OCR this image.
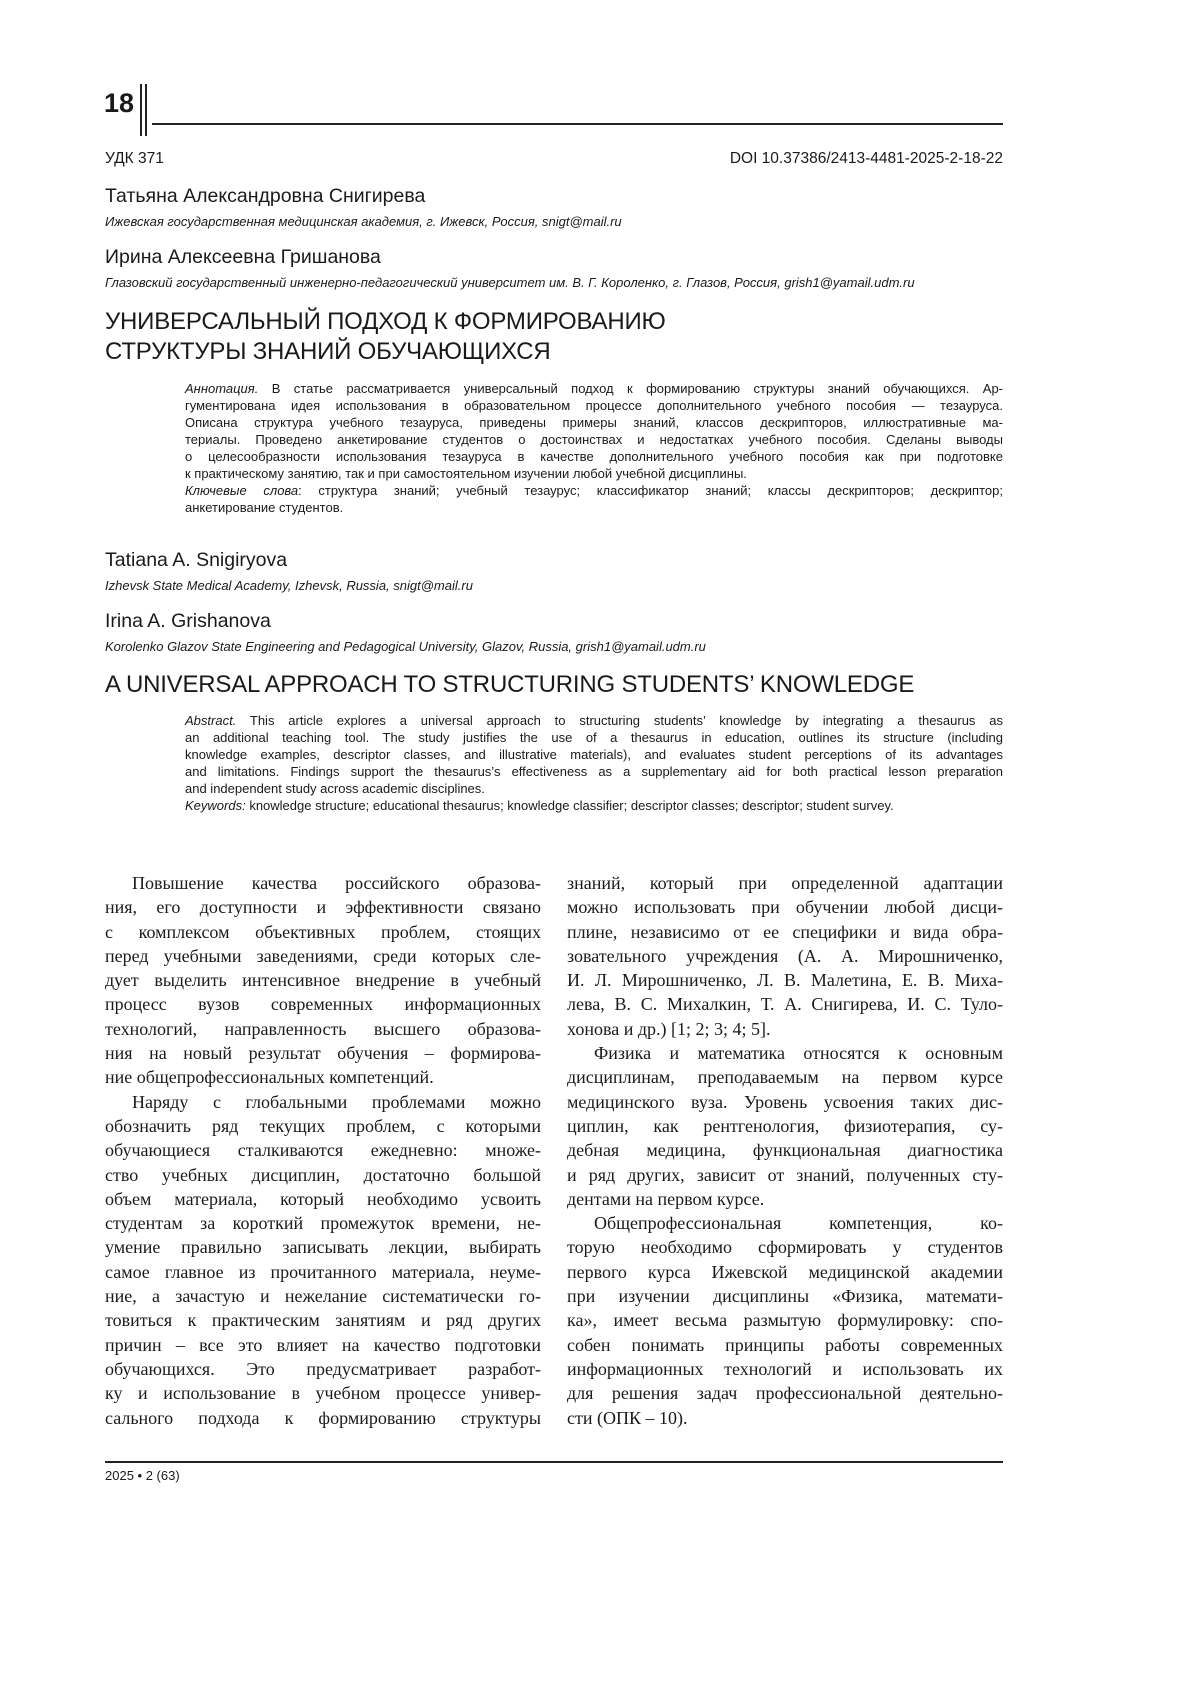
18
УДК 371	DOI 10.37386/2413-4481-2025-2-18-22
Татьяна Александровна Снигирева
Ижевская государственная медицинская академия, г. Ижевск, Россия, snigt@mail.ru
Ирина Алексеевна Гришанова
Глазовский государственный инженерно-педагогический университет им. В. Г. Короленко, г. Глазов, Россия, grish1@yamail.udm.ru
УНИВЕРСАЛЬНЫЙ ПОДХОД К ФОРМИРОВАНИЮ
СТРУКТУРЫ ЗНАНИЙ ОБУЧАЮЩИХСЯ
Аннотация. В статье рассматривается универсальный подход к формированию структуры знаний обучающихся. Ар-
гументирована идея использования в образовательном процессе дополнительного учебного пособия — тезауруса.
Описана структура учебного тезауруса, приведены примеры знаний, классов дескрипторов, иллюстративные ма-
териалы. Проведено анкетирование студентов о достоинствах и недостатках учебного пособия. Сделаны выводы
о целесообразности использования тезауруса в качестве дополнительного учебного пособия как при подготовке
к практическому занятию, так и при самостоятельном изучении любой учебной дисциплины.
Ключевые слова: структура знаний; учебный тезаурус; классификатор знаний; классы дескрипторов; дескриптор;
анкетирование студентов.
Tatiana A. Snigiryova
Izhevsk State Medical Academy, Izhevsk, Russia, snigt@mail.ru
Irina A. Grishanova
Korolenko Glazov State Engineering and Pedagogical University, Glazov, Russia, grish1@yamail.udm.ru
A UNIVERSAL APPROACH TO STRUCTURING STUDENTS’ KNOWLEDGE
Abstract. This article explores a universal approach to structuring students’ knowledge by integrating a thesaurus as
an additional teaching tool. The study justifies the use of a thesaurus in education, outlines its structure (including
knowledge examples, descriptor classes, and illustrative materials), and evaluates student perceptions of its advantages
and limitations. Findings support the thesaurus’s effectiveness as a supplementary aid for both practical lesson preparation
and independent study across academic disciplines.
Keywords: knowledge structure; educational thesaurus; knowledge classifier; descriptor classes; descriptor; student survey.
Повышение качества российского образова-
ния, его доступности и эффективности связано
с комплексом объективных проблем, стоящих
перед учебными заведениями, среди которых сле-
дует выделить интенсивное внедрение в учебный
процесс вузов современных информационных
технологий, направленность высшего образова-
ния на новый результат обучения – формирова-
ние общепрофессиональных компетенций.
Наряду с глобальными проблемами можно
обозначить ряд текущих проблем, с которыми
обучающиеся сталкиваются ежедневно: множе-
ство учебных дисциплин, достаточно большой
объем материала, который необходимо усвоить
студентам за короткий промежуток времени, не-
умение правильно записывать лекции, выбирать
самое главное из прочитанного материала, неуме-
ние, а зачастую и нежелание систематически го-
товиться к практическим занятиям и ряд других
причин – все это влияет на качество подготовки
обучающихся. Это предусматривает разработ-
ку и использование в учебном процессе универ-
сального подхода к формированию структуры
знаний, который при определенной адаптации
можно использовать при обучении любой дисци-
плине, независимо от ее специфики и вида обра-
зовательного учреждения (А. А. Мирошниченко,
И. Л. Мирошниченко, Л. В. Малетина, Е. В. Миха-
лева, В. С. Михалкин, Т. А. Снигирева, И. С. Туло-
хонова и др.) [1; 2; 3; 4; 5].
Физика и математика относятся к основным
дисциплинам, преподаваемым на первом курсе
медицинского вуза. Уровень усвоения таких дис-
циплин, как рентгенология, физиотерапия, су-
дебная медицина, функциональная диагностика
и ряд других, зависит от знаний, полученных сту-
дентами на первом курсе.
Общепрофессиональная компетенция, ко-
торую необходимо сформировать у студентов
первого курса Ижевской медицинской академии
при изучении дисциплины «Физика, математи-
ка», имеет весьма размытую формулировку: спо-
собен понимать принципы работы современных
информационных технологий и использовать их
для решения задач профессиональной деятельно-
сти (ОПК – 10).
2025 • 2 (63)
